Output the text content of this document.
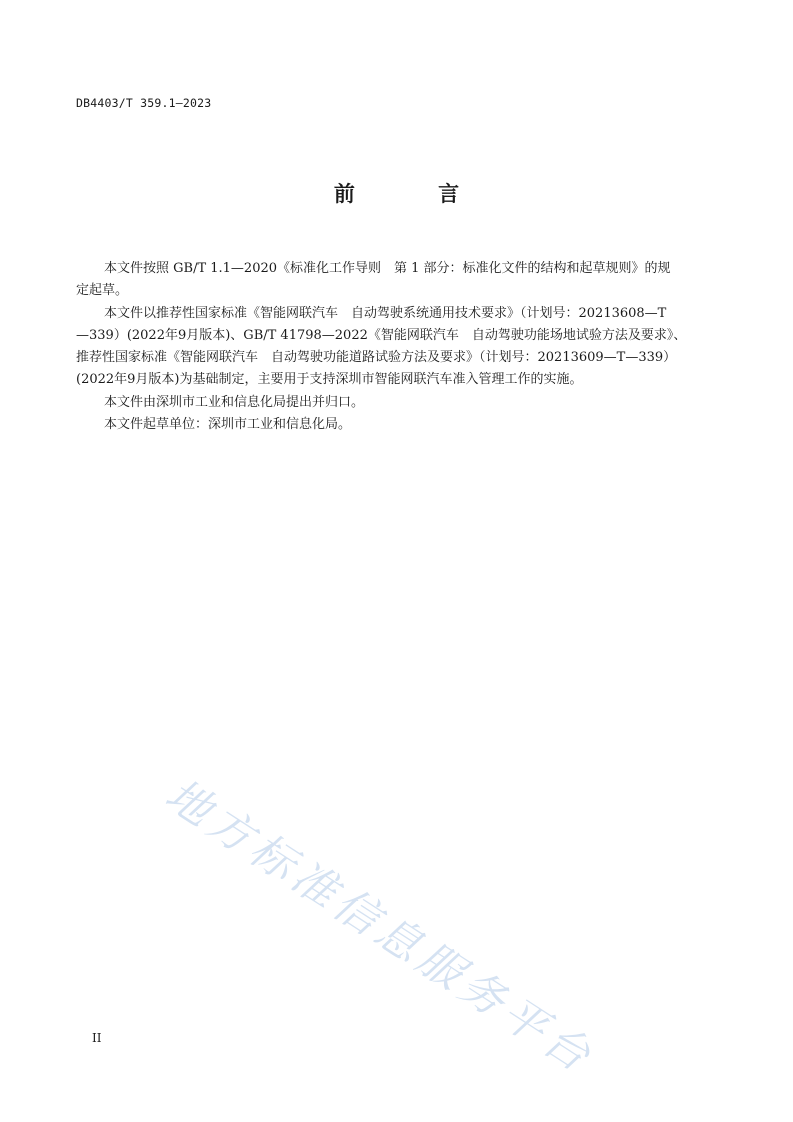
DB4403/T 359.1—2023
前 言

本文件按照 GB/T 1.1—2020《标准化工作导则　第 1 部分：标准化文件的结构和起草规则》的规
定起草。

本文件以推荐性国家标准《智能网联汽车　自动驾驶系统通用技术要求》（计划号：20213608—T
—339）(2022年9月版本)、GB/T 41798—2022《智能网联汽车　自动驾驶功能场地试验方法及要求》、
推荐性国家标准《智能网联汽车　自动驾驶功能道路试验方法及要求》（计划号：20213609—T—339）
(2022年9月版本)为基础制定，主要用于支持深圳市智能网联汽车准入管理工作的实施。

本文件由深圳市工业和信息化局提出并归口。

本文件起草单位：深圳市工业和信息化局。

地方标准信息服务平台
II
